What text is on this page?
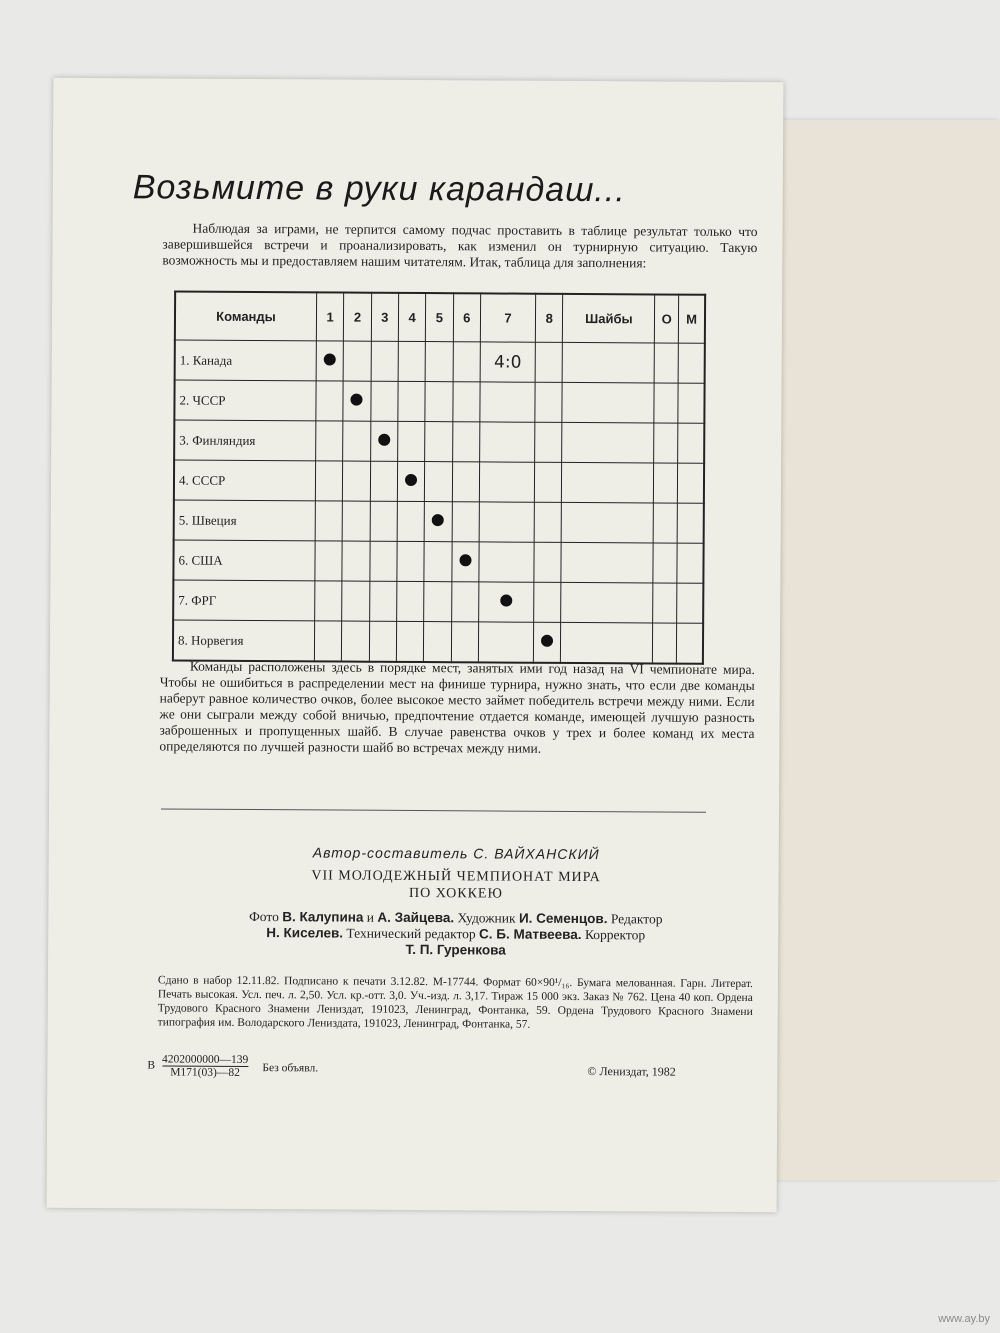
Возьмите в руки карандаш...
Наблюдая за играми, не терпится самому подчас проставить в таблице результат только что завершившейся встречи и проанализировать, как изменил он турнирную ситуацию. Такую возможность мы и предоставляем нашим читателям. Итак, таблица для заполнения:
Команды	1	2	3	4	5	6	7	8	Шайбы	О	М
1. Канада							4:0				
2. ЧССР											
3. Финляндия											
4. СССР											
5. Швеция											
6. США											
7. ФРГ											
8. Норвегия											
Команды расположены здесь в порядке мест, занятых ими год назад на VI чемпионате мира. Чтобы не ошибиться в распределении мест на финише турнира, нужно знать, что если две команды наберут равное количество очков, более высокое место займет победитель встречи между ними. Если же они сыграли между собой вничью, предпочтение отдается команде, имеющей лучшую разность заброшенных и пропущенных шайб. В случае равенства очков у трех и более команд их места определяются по лучшей разности шайб во встречах между ними.
Автор-составитель С. ВАЙХАНСКИЙ
VII МОЛОДЕЖНЫЙ ЧЕМПИОНАТ МИРА
ПО ХОККЕЮ
Фото В. Калупина и А. Зайцева. Художник И. Семенцов. Редактор
Н. Киселев. Технический редактор С. Б. Матвеева. Корректор
Т. П. Гуренкова
Сдано в набор 12.11.82. Подписано к печати 3.12.82. М-17744. Формат 60×90¹/₁₆. Бумага мелованная. Гарн. Литерат. Печать высокая. Усл. печ. л. 2,50. Усл. кр.-отт. 3,0. Уч.-изд. л. 3,17. Тираж 15 000 экз. Заказ № 762. Цена 40 коп. Ордена Трудового Красного Знамени Лениздат, 191023, Ленинград, Фонтанка, 59. Ордена Трудового Красного Знамени типография им. Володарского Лениздата, 191023, Ленинград, Фонтанка, 57.
В $\frac{4202000000—139}{М171(03)—82}$ Без объявл.	© Лениздат, 1982
www.ay.by
